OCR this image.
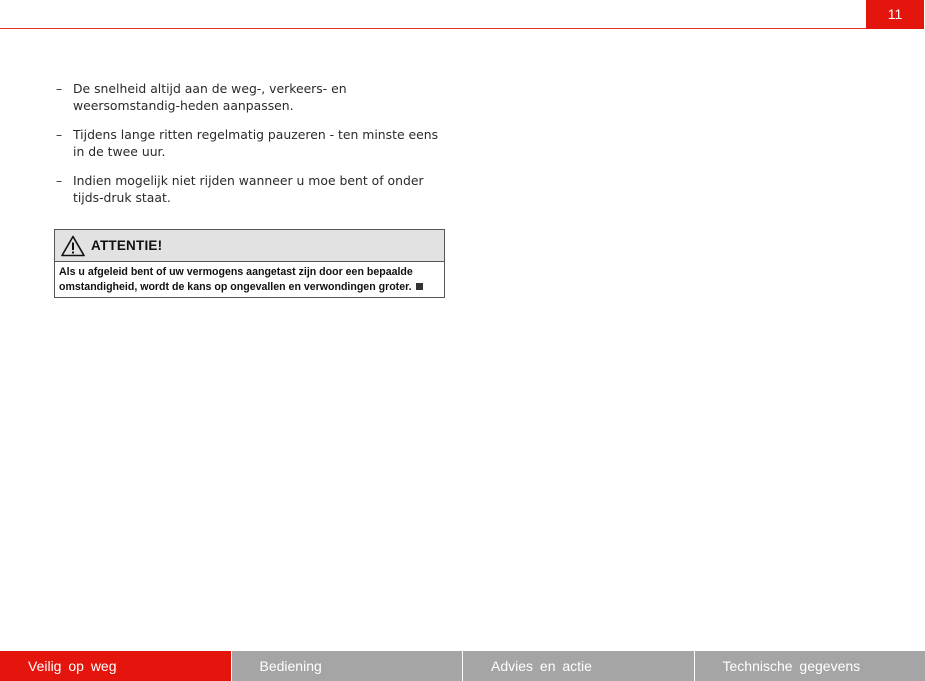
11
– De snelheid altijd aan de weg-, verkeers- en weersomstandig-heden aanpassen.
– Tijdens lange ritten regelmatig pauzeren - ten minste eens in de twee uur.
– Indien mogelijk niet rijden wanneer u moe bent of onder tijds-druk staat.
ATTENTIE!
Als u afgeleid bent of uw vermogens aangetast zijn door een bepaalde omstandigheid, wordt de kans op ongevallen en verwondingen groter.
Veilig op weg	Bediening	Advies en actie	Technische gegevens
